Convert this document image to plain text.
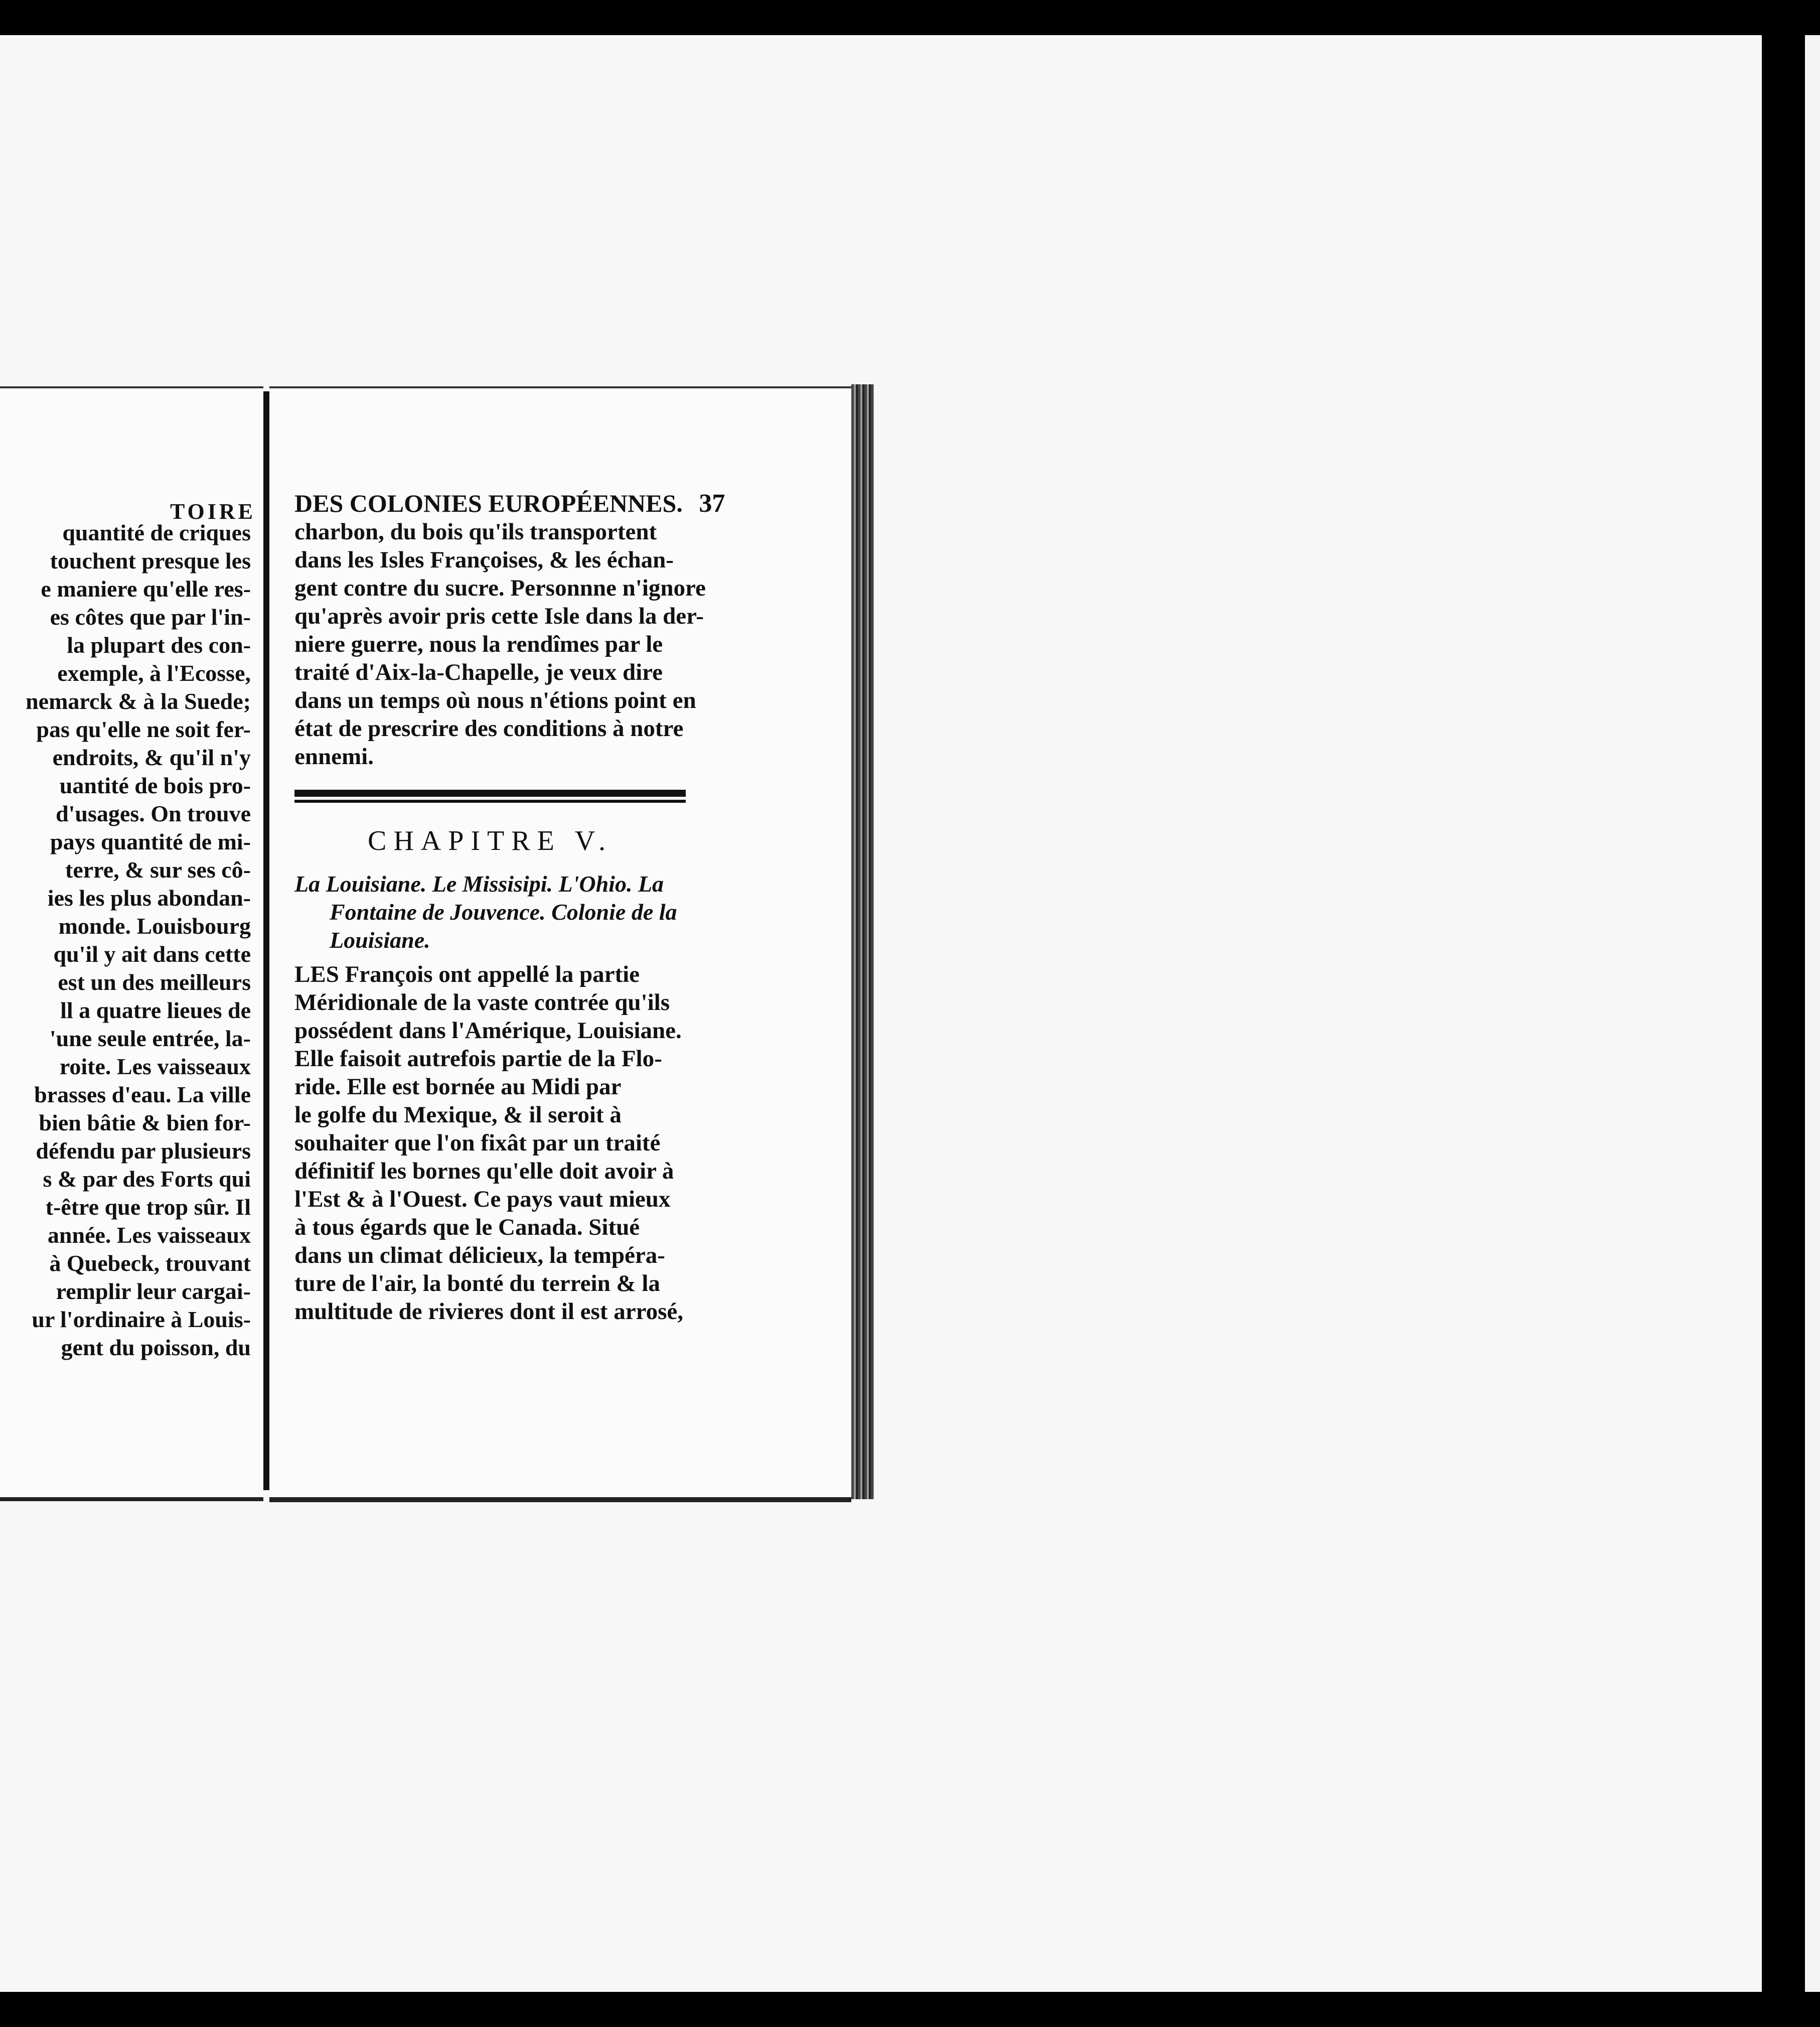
TOIRE
quantité de criques
touchent presque les
e maniere qu'elle res-
es côtes que par l'in-
la plupart des con-
exemple, à l'Ecosse,
nemarck & à la Suede;
pas qu'elle ne soit fer-
endroits, & qu'il n'y
uantité de bois pro-
d'usages. On trouve
pays quantité de mi-
terre, & sur ses cô-
ies les plus abondan-
monde. Louisbourg
qu'il y ait dans cette
est un des meilleurs
ll a quatre lieues de
'une seule entrée, la-
roite. Les vaisseaux
brasses d'eau. La ville
bien bâtie & bien for-
défendu par plusieurs
s & par des Forts qui
t-être que trop sûr. Il
année. Les vaisseaux
à Quebeck, trouvant
remplir leur cargai-
ur l'ordinaire à Louis-
gent du poisson, du
DES COLONIES EUROPÉENNES. 37
charbon, du bois qu'ils transportent
dans les Isles Françoises, & les échan-
gent contre du sucre. Personnne n'ignore
qu'après avoir pris cette Isle dans la der-
niere guerre, nous la rendîmes par le
traité d'Aix-la-Chapelle, je veux dire
dans un temps où nous n'étions point en
état de prescrire des conditions à notre
ennemi.
CHAPITRE V.
La Louisiane. Le Missisipi. L'Ohio. La
Fontaine de Jouvence. Colonie de la
Louisiane.
LES François ont appellé la partie
Méridionale de la vaste contrée qu'ils
possédent dans l'Amérique, Louisiane.
Elle faisoit autrefois partie de la Flo-
ride. Elle est bornée au Midi par
le golfe du Mexique, & il seroit à
souhaiter que l'on fixât par un traité
définitif les bornes qu'elle doit avoir à
l'Est & à l'Ouest. Ce pays vaut mieux
à tous égards que le Canada. Situé
dans un climat délicieux, la tempéra-
ture de l'air, la bonté du terrein & la
multitude de rivieres dont il est arrosé,
